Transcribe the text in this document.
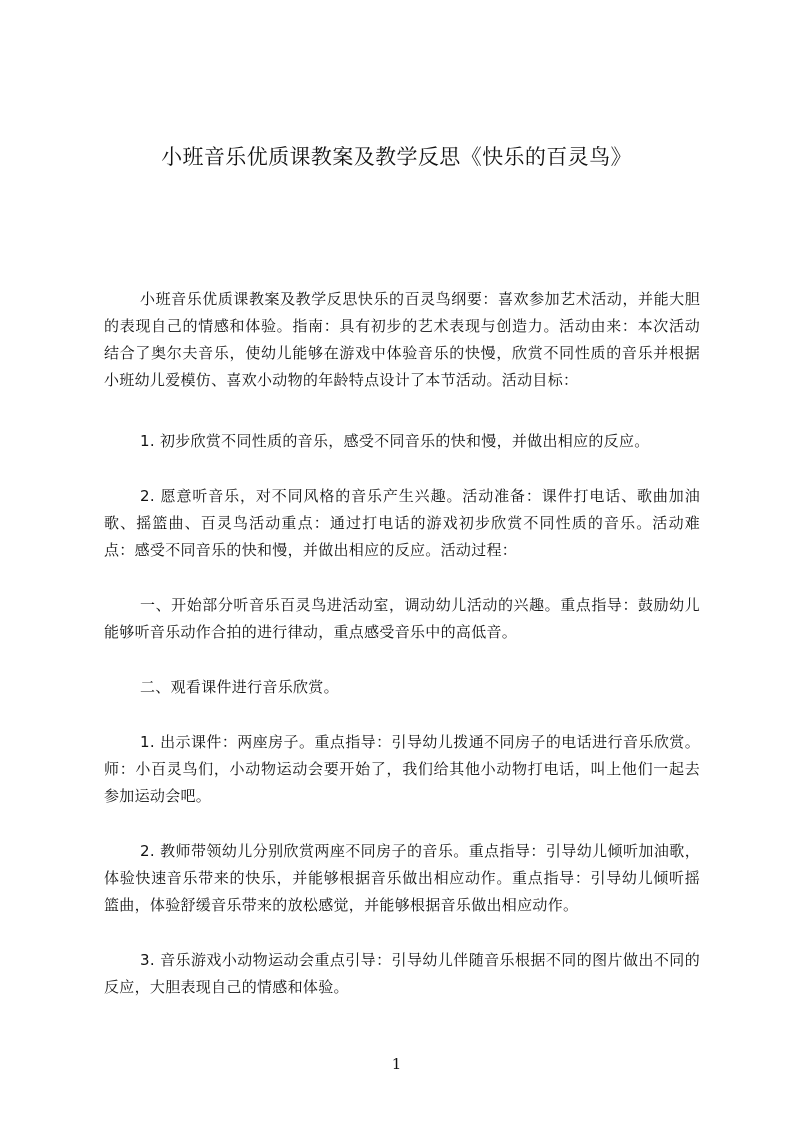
小班音乐优质课教案及教学反思《快乐的百灵鸟》

小班音乐优质课教案及教学反思快乐的百灵鸟纲要：喜欢参加艺术活动，并能大胆的表现自己的情感和体验。指南：具有初步的艺术表现与创造力。活动由来：本次活动结合了奥尔夫音乐，使幼儿能够在游戏中体验音乐的快慢，欣赏不同性质的音乐并根据小班幼儿爱模仿、喜欢小动物的年龄特点设计了本节活动。活动目标：

1. 初步欣赏不同性质的音乐，感受不同音乐的快和慢，并做出相应的反应。

2. 愿意听音乐，对不同风格的音乐产生兴趣。活动准备：课件打电话、歌曲加油歌、摇篮曲、百灵鸟活动重点：通过打电话的游戏初步欣赏不同性质的音乐。活动难点：感受不同音乐的快和慢，并做出相应的反应。活动过程：

一、开始部分听音乐百灵鸟进活动室，调动幼儿活动的兴趣。重点指导：鼓励幼儿能够听音乐动作合拍的进行律动，重点感受音乐中的高低音。

二、观看课件进行音乐欣赏。

1. 出示课件：两座房子。重点指导：引导幼儿拨通不同房子的电话进行音乐欣赏。师：小百灵鸟们，小动物运动会要开始了，我们给其他小动物打电话，叫上他们一起去参加运动会吧。

2. 教师带领幼儿分别欣赏两座不同房子的音乐。重点指导：引导幼儿倾听加油歌，体验快速音乐带来的快乐，并能够根据音乐做出相应动作。重点指导：引导幼儿倾听摇篮曲，体验舒缓音乐带来的放松感觉，并能够根据音乐做出相应动作。

3. 音乐游戏小动物运动会重点引导：引导幼儿伴随音乐根据不同的图片做出不同的反应，大胆表现自己的情感和体验。

1
